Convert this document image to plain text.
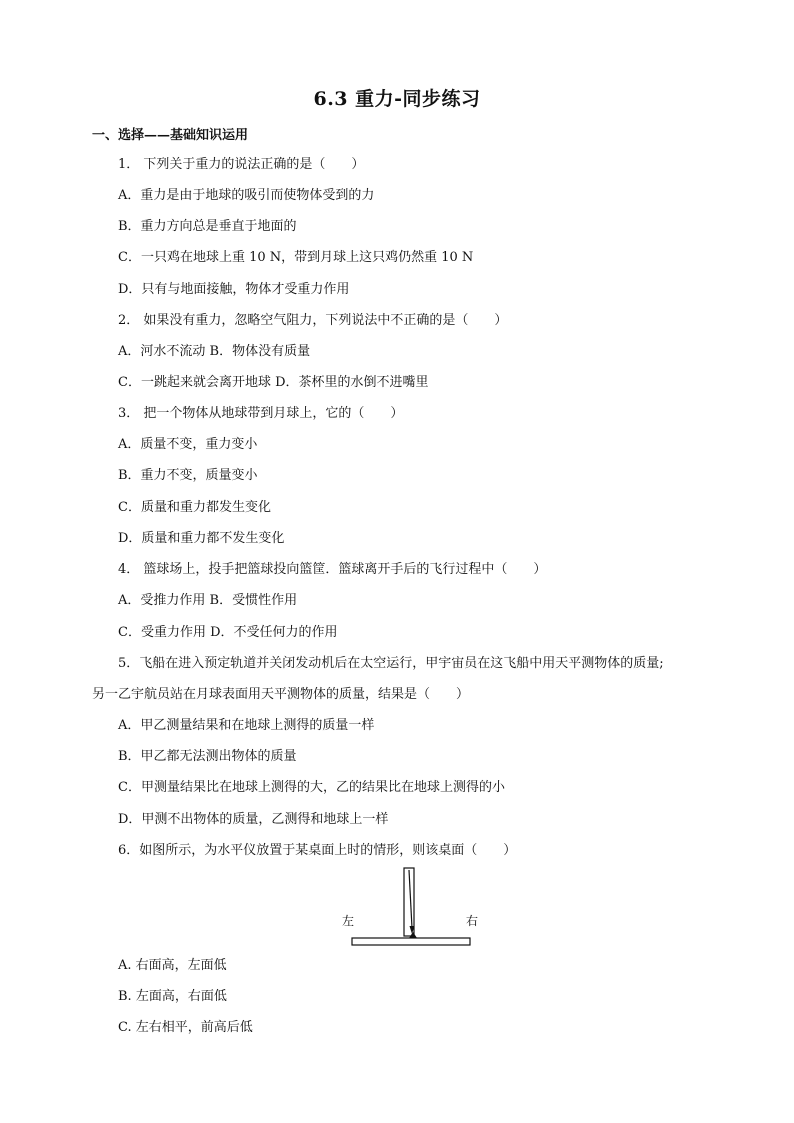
6.3 重力-同步练习
一、选择——基础知识运用
1． 下列关于重力的说法正确的是（　　）
A．重力是由于地球的吸引而使物体受到的力
B．重力方向总是垂直于地面的
C．一只鸡在地球上重 10 N，带到月球上这只鸡仍然重 10 N
D．只有与地面接触，物体才受重力作用
2． 如果没有重力，忽略空气阻力，下列说法中不正确的是（　　）
A．河水不流动 B．物体没有质量
C．一跳起来就会离开地球 D．茶杯里的水倒不进嘴里
3． 把一个物体从地球带到月球上，它的（　　）
A．质量不变，重力变小
B．重力不变，质量变小
C．质量和重力都发生变化
D．质量和重力都不发生变化
4． 篮球场上，投手把篮球投向篮筐．篮球离开手后的飞行过程中（　　）
A．受推力作用 B．受惯性作用
C．受重力作用 D．不受任何力的作用
5．飞船在进入预定轨道并关闭发动机后在太空运行，甲宇宙员在这飞船中用天平测物体的质量;
另一乙宇航员站在月球表面用天平测物体的质量，结果是（　　）
A．甲乙测量结果和在地球上测得的质量一样
B．甲乙都无法测出物体的质量
C．甲测量结果比在地球上测得的大，乙的结果比在地球上测得的小
D．甲测不出物体的质量，乙测得和地球上一样
6．如图所示，为水平仪放置于某桌面上时的情形，则该桌面（　　）
左	右
A. 右面高，左面低
B. 左面高，右面低
C. 左右相平，前高后低
